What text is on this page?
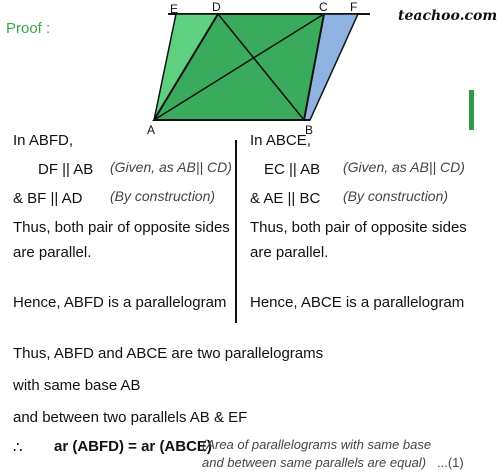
Proof :
teachoo.com
A	B
C
D
E	F
In ABFD,
DF || AB (Given, as AB|| CD)
& BF || AD (By construction)
Thus, both pair of opposite sides
are parallel.
Hence, ABFD is a parallelogram
In ABCE,
EC || AB (Given, as AB|| CD)
& AE || BC (By construction)
Thus, both pair of opposite sides
are parallel.
Hence, ABCE is a parallelogram
Thus, ABFD and ABCE are two parallelograms
with same base AB
and between two parallels AB & EF
∴ ar (ABFD) = ar (ABCE)
(Area of parallelograms with same base
and between same parallels are equal) ...(1)
